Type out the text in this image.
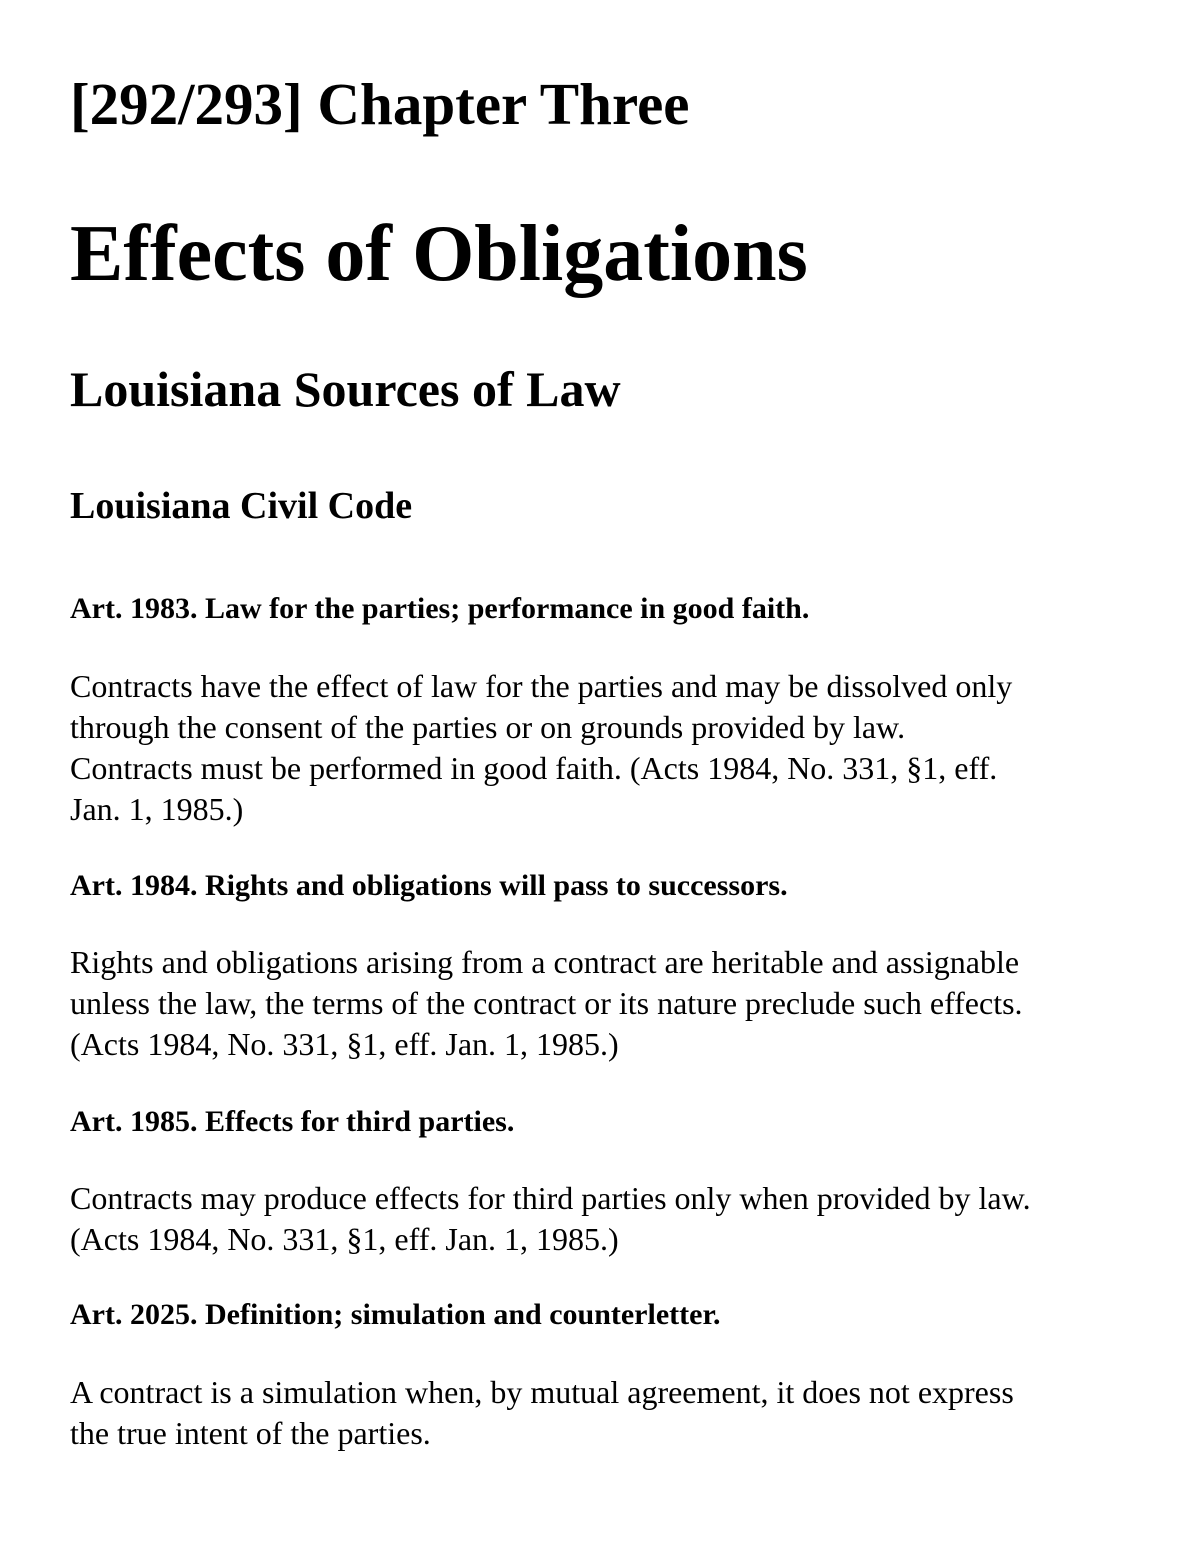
[292/293] Chapter Three
Effects of Obligations
Louisiana Sources of Law
Louisiana Civil Code

Art. 1983. Law for the parties; performance in good faith.

Contracts have the effect of law for the parties and may be dissolved only
through the consent of the parties or on grounds provided by law.
Contracts must be performed in good faith. (Acts 1984, No. 331, §1, eff.
Jan. 1, 1985.)

Art. 1984. Rights and obligations will pass to successors.

Rights and obligations arising from a contract are heritable and assignable
unless the law, the terms of the contract or its nature preclude such effects.
(Acts 1984, No. 331, §1, eff. Jan. 1, 1985.)

Art. 1985. Effects for third parties.

Contracts may produce effects for third parties only when provided by law.
(Acts 1984, No. 331, §1, eff. Jan. 1, 1985.)

Art. 2025. Definition; simulation and counterletter.

A contract is a simulation when, by mutual agreement, it does not express
the true intent of the parties.
